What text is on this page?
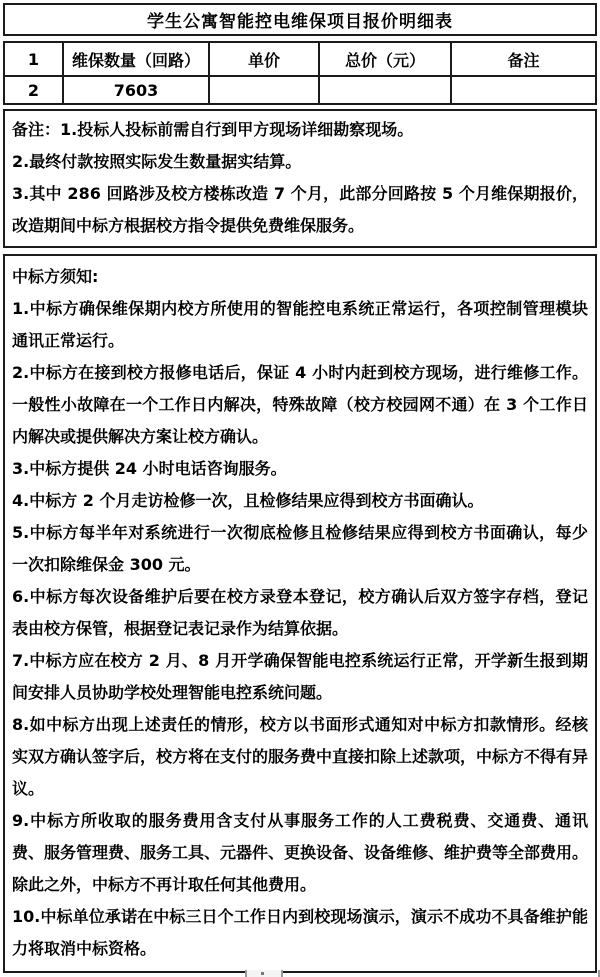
学生公寓智能控电维保项目报价明细表
1	维保数量（回路）	单价	总价（元）	备注
2	7603			
备注：1.投标人投标前需自行到甲方现场详细勘察现场。
2.最终付款按照实际发生数量据实结算。
3.其中 286 回路涉及校方楼栋改造 7 个月，此部分回路按 5 个月维保期报价，改造期间中标方根据校方指令提供免费维保服务。
中标方须知:
1.中标方确保维保期内校方所使用的智能控电系统正常运行，各项控制管理模块通讯正常运行。
2.中标方在接到校方报修电话后，保证 4 小时内赶到校方现场，进行维修工作。一般性小故障在一个工作日内解决，特殊故障（校方校园网不通）在 3 个工作日内解决或提供解决方案让校方确认。
3.中标方提供 24 小时电话咨询服务。
4.中标方 2 个月走访检修一次，且检修结果应得到校方书面确认。
5.中标方每半年对系统进行一次彻底检修且检修结果应得到校方书面确认，每少一次扣除维保金 300 元。
6.中标方每次设备维护后要在校方录登本登记，校方确认后双方签字存档，登记表由校方保管，根据登记表记录作为结算依据。
7.中标方应在校方 2 月、8 月开学确保智能电控系统运行正常，开学新生报到期间安排人员协助学校处理智能电控系统问题。
8.如中标方出现上述责任的情形，校方以书面形式通知对中标方扣款情形。经核实双方确认签字后，校方将在支付的服务费中直接扣除上述款项，中标方不得有异议。
9.中标方所收取的服务费用含支付从事服务工作的人工费税费、交通费、通讯费、服务管理费、服务工具、元器件、更换设备、设备维修、维护费等全部费用。除此之外，中标方不再计取任何其他费用。
10.中标单位承诺在中标三日个工作日内到校现场演示，演示不成功不具备维护能力将取消中标资格。
